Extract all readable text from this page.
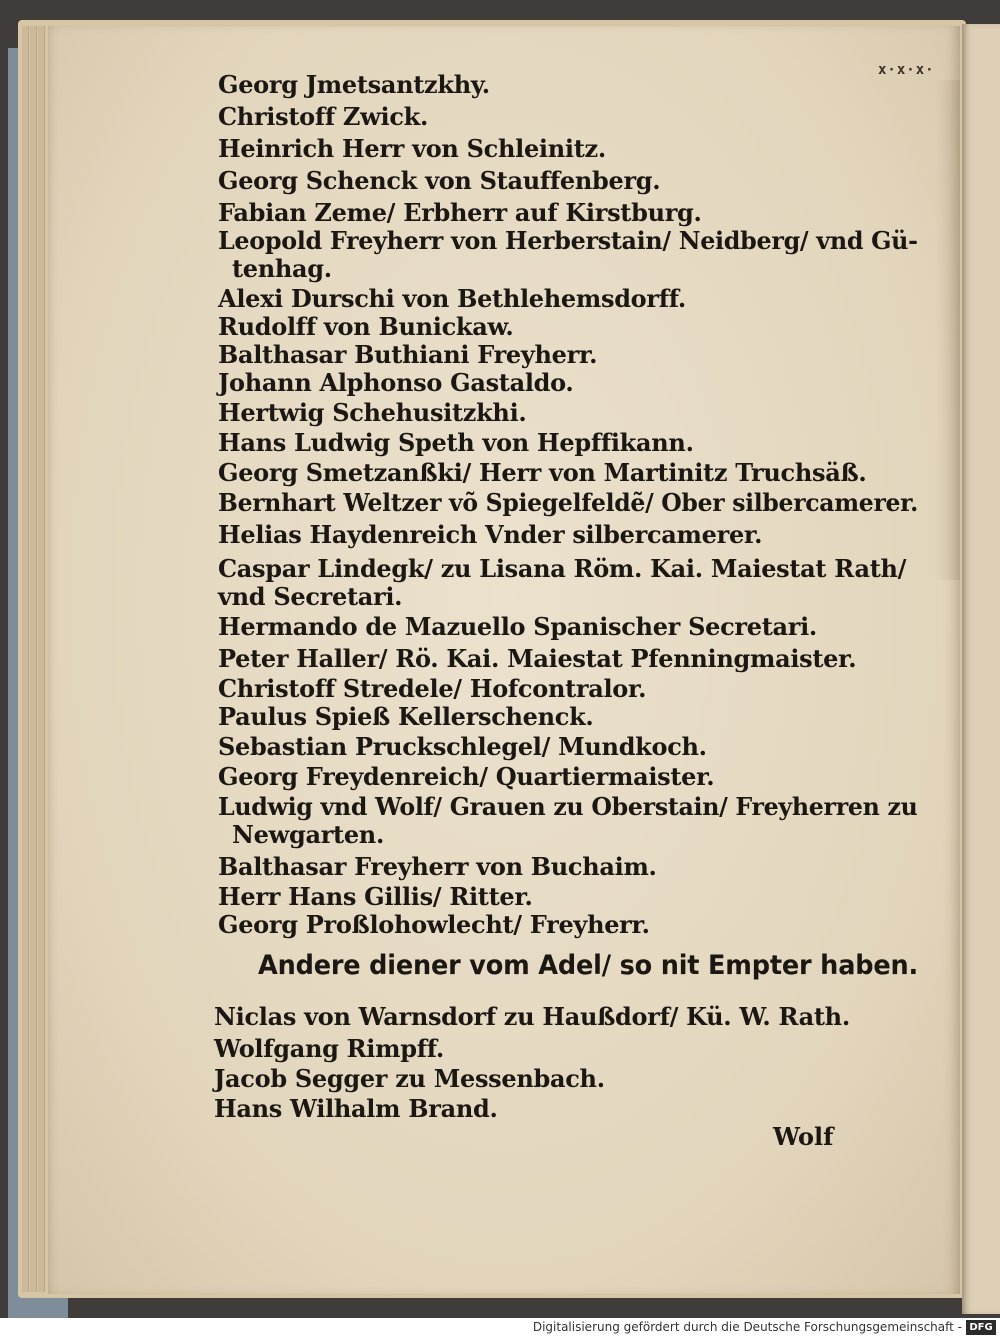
x·x·x·
Georg Jmetsantzkhy.
Christoff Zwick.
Heinrich Herr von Schleinitz.
Georg Schenck von Stauffenberg.
Fabian Zeme/ Erbherr auf Kirstburg.
Leopold Freyherr von Herberstain/ Neidberg/ vnd Gü-
tenhag.
Alexi Durschi von Bethlehemsdorff.
Rudolff von Bunickaw.
Balthasar Buthiani Freyherr.
Johann Alphonso Gastaldo.
Hertwig Schehusitzkhi.
Hans Ludwig Speth von Hepffikann.
Georg Smetzanßki/ Herr von Martinitz Truchsäß.
Bernhart Weltzer võ Spiegelfeldẽ/ Ober silbercamerer.
Helias Haydenreich Vnder silbercamerer.
Caspar Lindegk/ zu Lisana Röm. Kai. Maiestat Rath/
vnd Secretari.
Hermando de Mazuello Spanischer Secretari.
Peter Haller/ Rö. Kai. Maiestat Pfenningmaister.
Christoff Stredele/ Hofcontralor.
Paulus Spieß Kellerschenck.
Sebastian Pruckschlegel/ Mundkoch.
Georg Freydenreich/ Quartiermaister.
Ludwig vnd Wolf/ Grauen zu Oberstain/ Freyherren zu
Newgarten.
Balthasar Freyherr von Buchaim.
Herr Hans Gillis/ Ritter.
Georg Proßlohowlecht/ Freyherr.
Andere diener vom Adel/ so nit Empter haben.
Niclas von Warnsdorf zu Haußdorf/ Kü. W. Rath.
Wolfgang Rimpff.
Jacob Segger zu Messenbach.
Hans Wilhalm Brand.
Wolf
Digitalisierung gefördert durch die Deutsche Forschungsgemeinschaft - DFG
